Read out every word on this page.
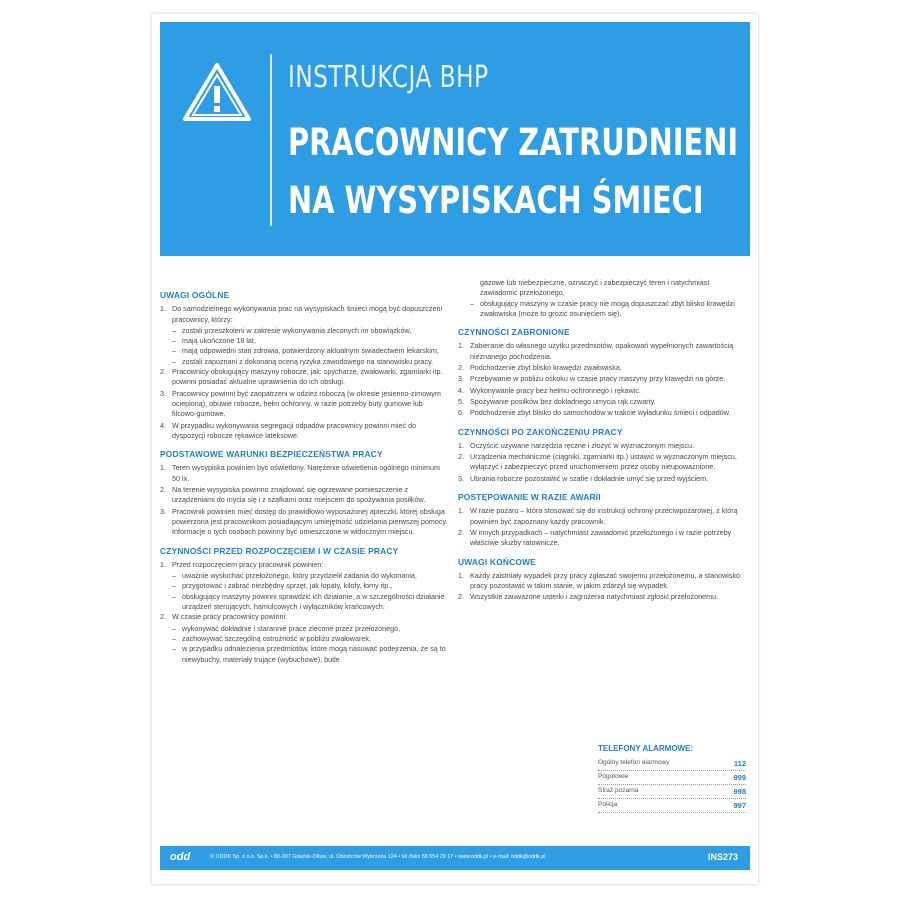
INSTRUKCJA BHP
PRACOWNICY ZATRUDNIENI
NA WYSYPISKACH ŚMIECI
UWAGI OGÓLNE
1. Do samodzielnego wykonywania prac na wysypiskach śmieci mogą być dopuszczeni pracownicy, którzy:
– zostali przeszkoleni w zakresie wykonywania zleconych im obowiązków,
– mają ukończone 18 lat,
– mają odpowiedni stan zdrowia, potwierdzony aktualnym świadectwem lekarskim,
– zostali zapoznani z dokonaną oceną ryzyka zawodowego na stanowisku pracy.
2. Pracownicy obsługujący maszyny robocze, jak: spycharze, zwałowarki, zgarniarki itp. powinni posiadać aktualne uprawnienia do ich obsługi.
3. Pracownicy powinni być zaopatrzeni w odzież roboczą (w okresie jesienno-zimowym ocieploną), obuwie robocze, hełm ochronny, w razie potrzeby buty gumowe lub filcowo-gumowe.
4. W przypadku wykonywania segregacji odpadów pracownicy powinni mieć do dyspozycji robocze rękawice lateksowe.
PODSTAWOWE WARUNKI BEZPIECZEŃSTWA PRACY
1. Teren wysypiska powinien być oświetlony. Natężenie oświetlenia ogólnego minimum 50 lx.
2. Na terenie wysypiska powinno znajdować się ogrzewane pomieszczenie z urządzeniami do mycia się i z szafkami oraz miejscem do spożywania posiłków.
3. Pracownik powinien mieć dostęp do prawidłowo wyposażonej apteczki, której obsługa powierzona jest pracownikom posiadającym umiejętność udzielania pierwszej pomocy. Informacje o tych osobach powinny być umieszczone w widocznym miejscu.
CZYNNOŚCI PRZED ROZPOCZĘCIEM I W CZASIE PRACY
1. Przed rozpoczęciem pracy pracownik powinien:
– uważnie wysłuchać przełożonego, który przydzielił zadania do wykonania,
– przygotować i zabrać niezbędny sprzęt, jak łopaty, kilofy, łomy itp.,
– obsługujący maszyny powinni sprawdzić ich działanie, a w szczególności działanie urządzeń sterujących, hamulcowych i wyłączników krańcowych.
2. W czasie pracy pracownicy powinni:
– wykonywać dokładnie i starannie prace zlecone przez przełożonego,
– zachowywać szczególną ostrożność w pobliżu zwałowarek,
– w przypadku odnalezienia przedmiotów, które mogą nasuwać podejrzenia, że są to niewybuchy, materiały trujące (wybuchowe), butle
gazowe lub niebezpieczne, oznaczyć i zabezpieczyć teren i natychmiast zawiadomić przełożonego,
– obsługujący maszyny w czasie pracy nie mogą dopuszczać zbyt blisko krawędzi zwałowiska (może to grozić osunięciem się).
CZYNNOŚCI ZABRONIONE
1. Zabieranie do własnego użytku przedmiotów, opakowań wypełnionych zawartością nieznanego pochodzenia.
2. Podchodzenie zbyt blisko krawędzi zwałowiska.
3. Przebywanie w pobliżu ośkoku w czasie pracy maszyny przy krawędzi na górze.
4. Wykonywanie pracy bez hełmu ochronnego i rękawic.
5. Spożywanie posiłków bez dokładnego umycia rąk czwarty.
6. Podchodzenie zbyt blisko do samochodów w trakcie wyładunku śmieci i odpadów.
CZYNNOŚCI PO ZAKOŃCZENIU PRACY
1. Oczyścić używane narzędzia ręczne i złożyć w wyznaczonym miejscu.
2. Urządzenia mechaniczne (ciągniki, zgarniarki itp.) ustawić w wyznaczonym miejscu, wyłączyć i zabezpieczyć przed uruchomieniem przez osoby nieupoważnione.
3. Ubrania robocze pozostawić w szafie i dokładnie umyć się przed wyjściem.
POSTĘPOWANIE W RAZIE AWARII
1. W razie pożaru – która stosować się do instrukcji ochrony przeciwpożarowej, z którą powinien być zapoznany każdy pracownik.
2. W innych przypadkach – natychmiast zawiadomić przełożonego i w razie potrzeby właściwe służby ratownicze.
UWAGI KOŃCOWE
1. Każdy zaistniały wypadek przy pracy zgłaszać swojemu przełożonemu, a stanowisko pracy pozostawić w takim stanie, w jakim zdarzył się wypadek.
2. Wszystkie zauważone usterki i zagrożenia natychmiast zgłosić przełożonemu.
TELEFONY ALARMOWE:
Ogólny telefon alarmowy	112
Pogotowie	999
Straż pożarna	998
Policja	997
odd	© ODDK Sp. z o.o. Sp.k. • 80-307 Gdańsk-Oliwa, ul. Obrońców Wybrzeża 124 • tel./faks 58 554 29 17 • www.oddk.pl • e-mail: oddk@oddk.pl	INS273
